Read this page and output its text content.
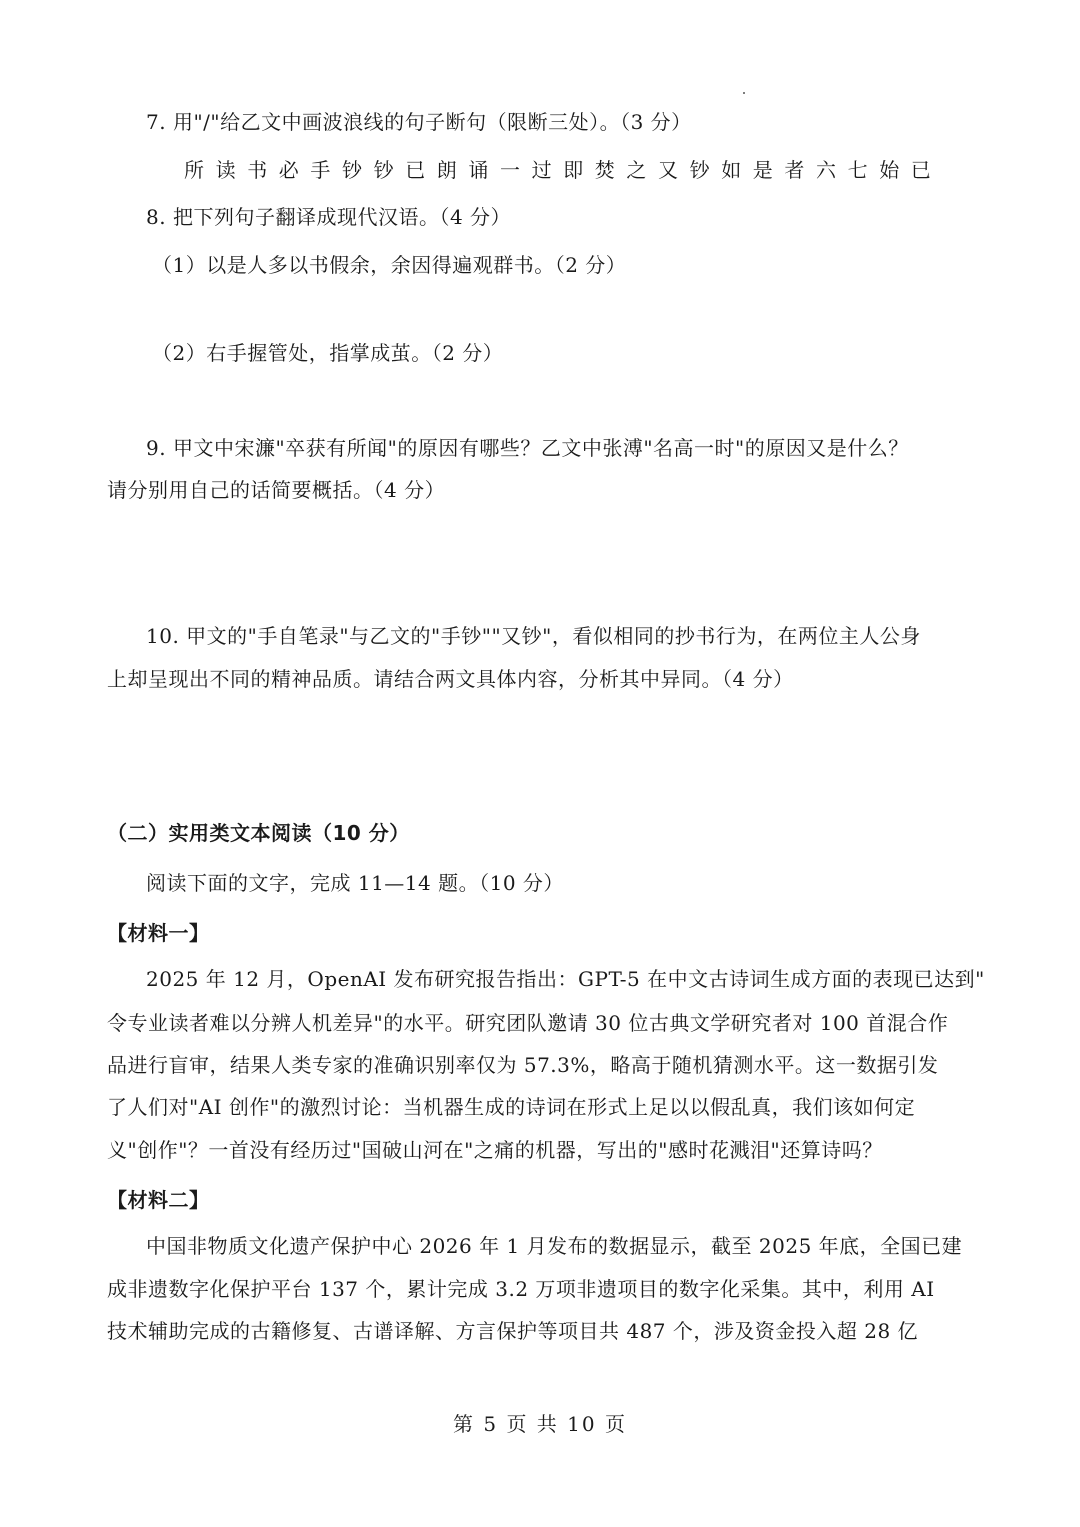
7. 用"/"给乙文中画波浪线的句子断句（限断三处）。（3 分）
所读书必手钞钞已朗诵一过即焚之又钞如是者六七始已
8. 把下列句子翻译成现代汉语。（4 分）
（1）以是人多以书假余，余因得遍观群书。（2 分）
（2）右手握管处，指掌成茧。（2 分）
9. 甲文中宋濂"卒获有所闻"的原因有哪些？乙文中张溥"名高一时"的原因又是什么？
请分别用自己的话简要概括。（4 分）
10. 甲文的"手自笔录"与乙文的"手钞""又钞"，看似相同的抄书行为，在两位主人公身
上却呈现出不同的精神品质。请结合两文具体内容，分析其中异同。（4 分）
（二）实用类文本阅读（10 分）
阅读下面的文字，完成 11—14 题。（10 分）
【材料一】
2025 年 12 月，OpenAI 发布研究报告指出：GPT-5 在中文古诗词生成方面的表现已达到"
令专业读者难以分辨人机差异"的水平。研究团队邀请 30 位古典文学研究者对 100 首混合作
品进行盲审，结果人类专家的准确识别率仅为 57.3%，略高于随机猜测水平。这一数据引发
了人们对"AI 创作"的激烈讨论：当机器生成的诗词在形式上足以以假乱真，我们该如何定
义"创作"？一首没有经历过"国破山河在"之痛的机器，写出的"感时花溅泪"还算诗吗？
【材料二】
中国非物质文化遗产保护中心 2026 年 1 月发布的数据显示，截至 2025 年底，全国已建
成非遗数字化保护平台 137 个，累计完成 3.2 万项非遗项目的数字化采集。其中，利用 AI
技术辅助完成的古籍修复、古谱译解、方言保护等项目共 487 个，涉及资金投入超 28 亿
第 5 页 共 10 页
